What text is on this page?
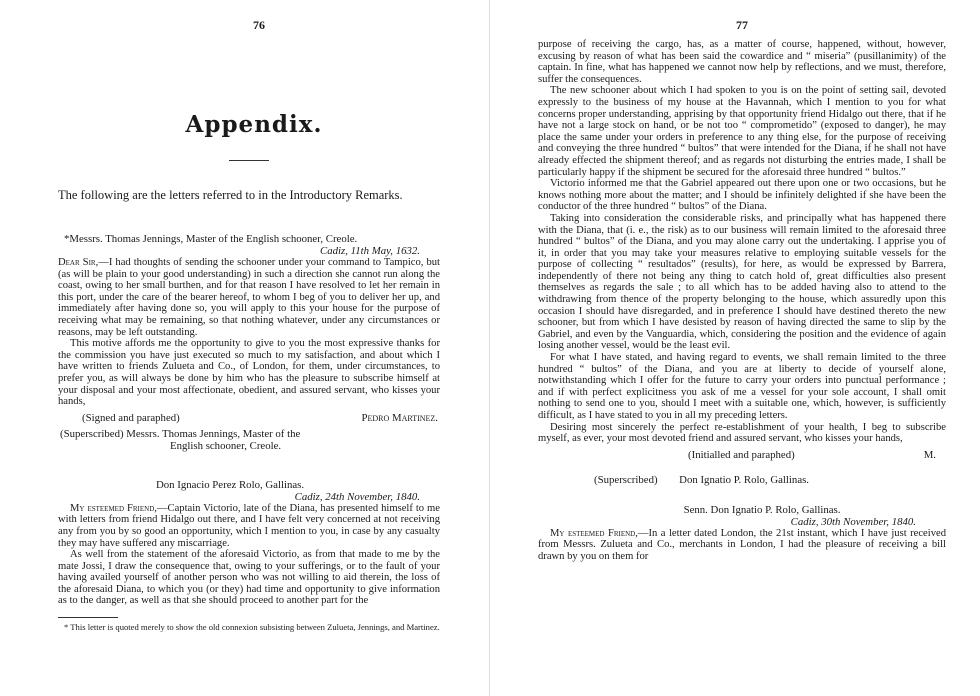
76
Appendix.
The following are the letters referred to in the Introductory Remarks.
*Messrs. Thomas Jennings, Master of the English schooner, Creole.
Cadiz, 11th May, 1632.

Dear Sir,—I had thoughts of sending the schooner under your command to Tampico, but (as will be plain to your good understanding) in such a direction she cannot run along the coast, owing to her small burthen, and for that reason I have resolved to let her remain in this port, under the care of the bearer hereof, to whom I beg of you to deliver her up, and immediately after having done so, you will apply to this your house for the purpose of receiving what may be remaining, so that nothing whatever, under any circumstances or reasons, may be left outstanding.

This motive affords me the opportunity to give to you the most expressive thanks for the commission you have just executed so much to my satisfaction, and about which I have written to friends Zulueta and Co., of London, for them, under circumstances, to prefer you, as will always be done by him who has the pleasure to subscribe himself at your disposal and your most affectionate, obedient, and assured servant, who kisses your hands,

(Signed and paraphed)	Pedro Martinez.
(Superscribed) Messrs. Thomas Jennings, Master of the
English schooner, Creole.
Don Ignacio Perez Rolo, Gallinas.
Cadiz, 24th November, 1840.

My esteemed Friend,—Captain Victorio, late of the Diana, has presented himself to me with letters from friend Hidalgo out there, and I have felt very concerned at not receiving any from you by so good an opportunity, which I mention to you, in case by any casualty they may have suffered any miscarriage.

As well from the statement of the aforesaid Victorio, as from that made to me by the mate Jossi, I draw the consequence that, owing to your sufferings, or to the fault of your having availed yourself of another person who was not willing to aid therein, the loss of the aforesaid Diana, to which you (or they) had time and opportunity to give information as to the danger, as well as that she should proceed to another part for the

* This letter is quoted merely to show the old connexion subsisting between Zulueta, Jennings, and Martinez.
77

purpose of receiving the cargo, has, as a matter of course, happened, without, however, excusing by reason of what has been said the cowardice and “ miseria” (pusillanimity) of the captain. In fine, what has happened we cannot now help by reflections, and we must, therefore, suffer the consequences.

The new schooner about which I had spoken to you is on the point of setting sail, devoted expressly to the business of my house at the Havannah, which I mention to you for what concerns proper understanding, apprising by that opportunity friend Hidalgo out there, that if he have not a large stock on hand, or be not too “ comprometido” (exposed to danger), he may place the same under your orders in preference to any thing else, for the purpose of receiving and conveying the three hundred “ bultos” that were intended for the Diana, if he shall not have already effected the shipment thereof; and as regards not disturbing the entries made, I shall be particularly happy if the shipment be secured for the aforesaid three hundred “ bultos.”

Victorio informed me that the Gabriel appeared out there upon one or two occasions, but he knows nothing more about the matter; and I should be infinitely delighted if she have been the conductor of the three hundred “ bultos” of the Diana.

Taking into consideration the considerable risks, and principally what has happened there with the Diana, that (i. e., the risk) as to our business will remain limited to the aforesaid three hundred “ bultos” of the Diana, and you may alone carry out the undertaking. I apprise you of it, in order that you may take your measures relative to employing suitable vessels for the purpose of collecting “ resultados” (results), for here, as would be expressed by Barrera, independently of there not being any thing to catch hold of, great difficulties also present themselves as regards the sale ; to all which has to be added having also to attend to the withdrawing from thence of the property belonging to the house, which assuredly upon this occasion I should have disregarded, and in preference I should have destined thereto the new schooner, but from which I have desisted by reason of having directed the same to slip by the Gabriel, and even by the Vanguardia, which, considering the position and the evidence of again losing another vessel, would be the least evil.

For what I have stated, and having regard to events, we shall remain limited to the three hundred “ bultos” of the Diana, and you are at liberty to decide of yourself alone, notwithstanding which I offer for the future to carry your orders into punctual performance ; and if with perfect explicitness you ask of me a vessel for your sole account, I shall omit nothing to send one to you, should I meet with a suitable one, which, however, is sufficiently difficult, as I have stated to you in all my preceding letters.

Desiring most sincerely the perfect re-establishment of your health, I beg to subscribe myself, as ever, your most devoted friend and assured servant, who kisses your hands,

(Initialled and paraphed)	M.
(Superscribed)        Don Ignatio P. Rolo, Gallinas.
Senn. Don Ignatio P. Rolo, Gallinas.
Cadiz, 30th November, 1840.

My esteemed Friend,—In a letter dated London, the 21st instant, which I have just received from Messrs. Zulueta and Co., merchants in London, I had the pleasure of receiving a bill drawn by you on them for
